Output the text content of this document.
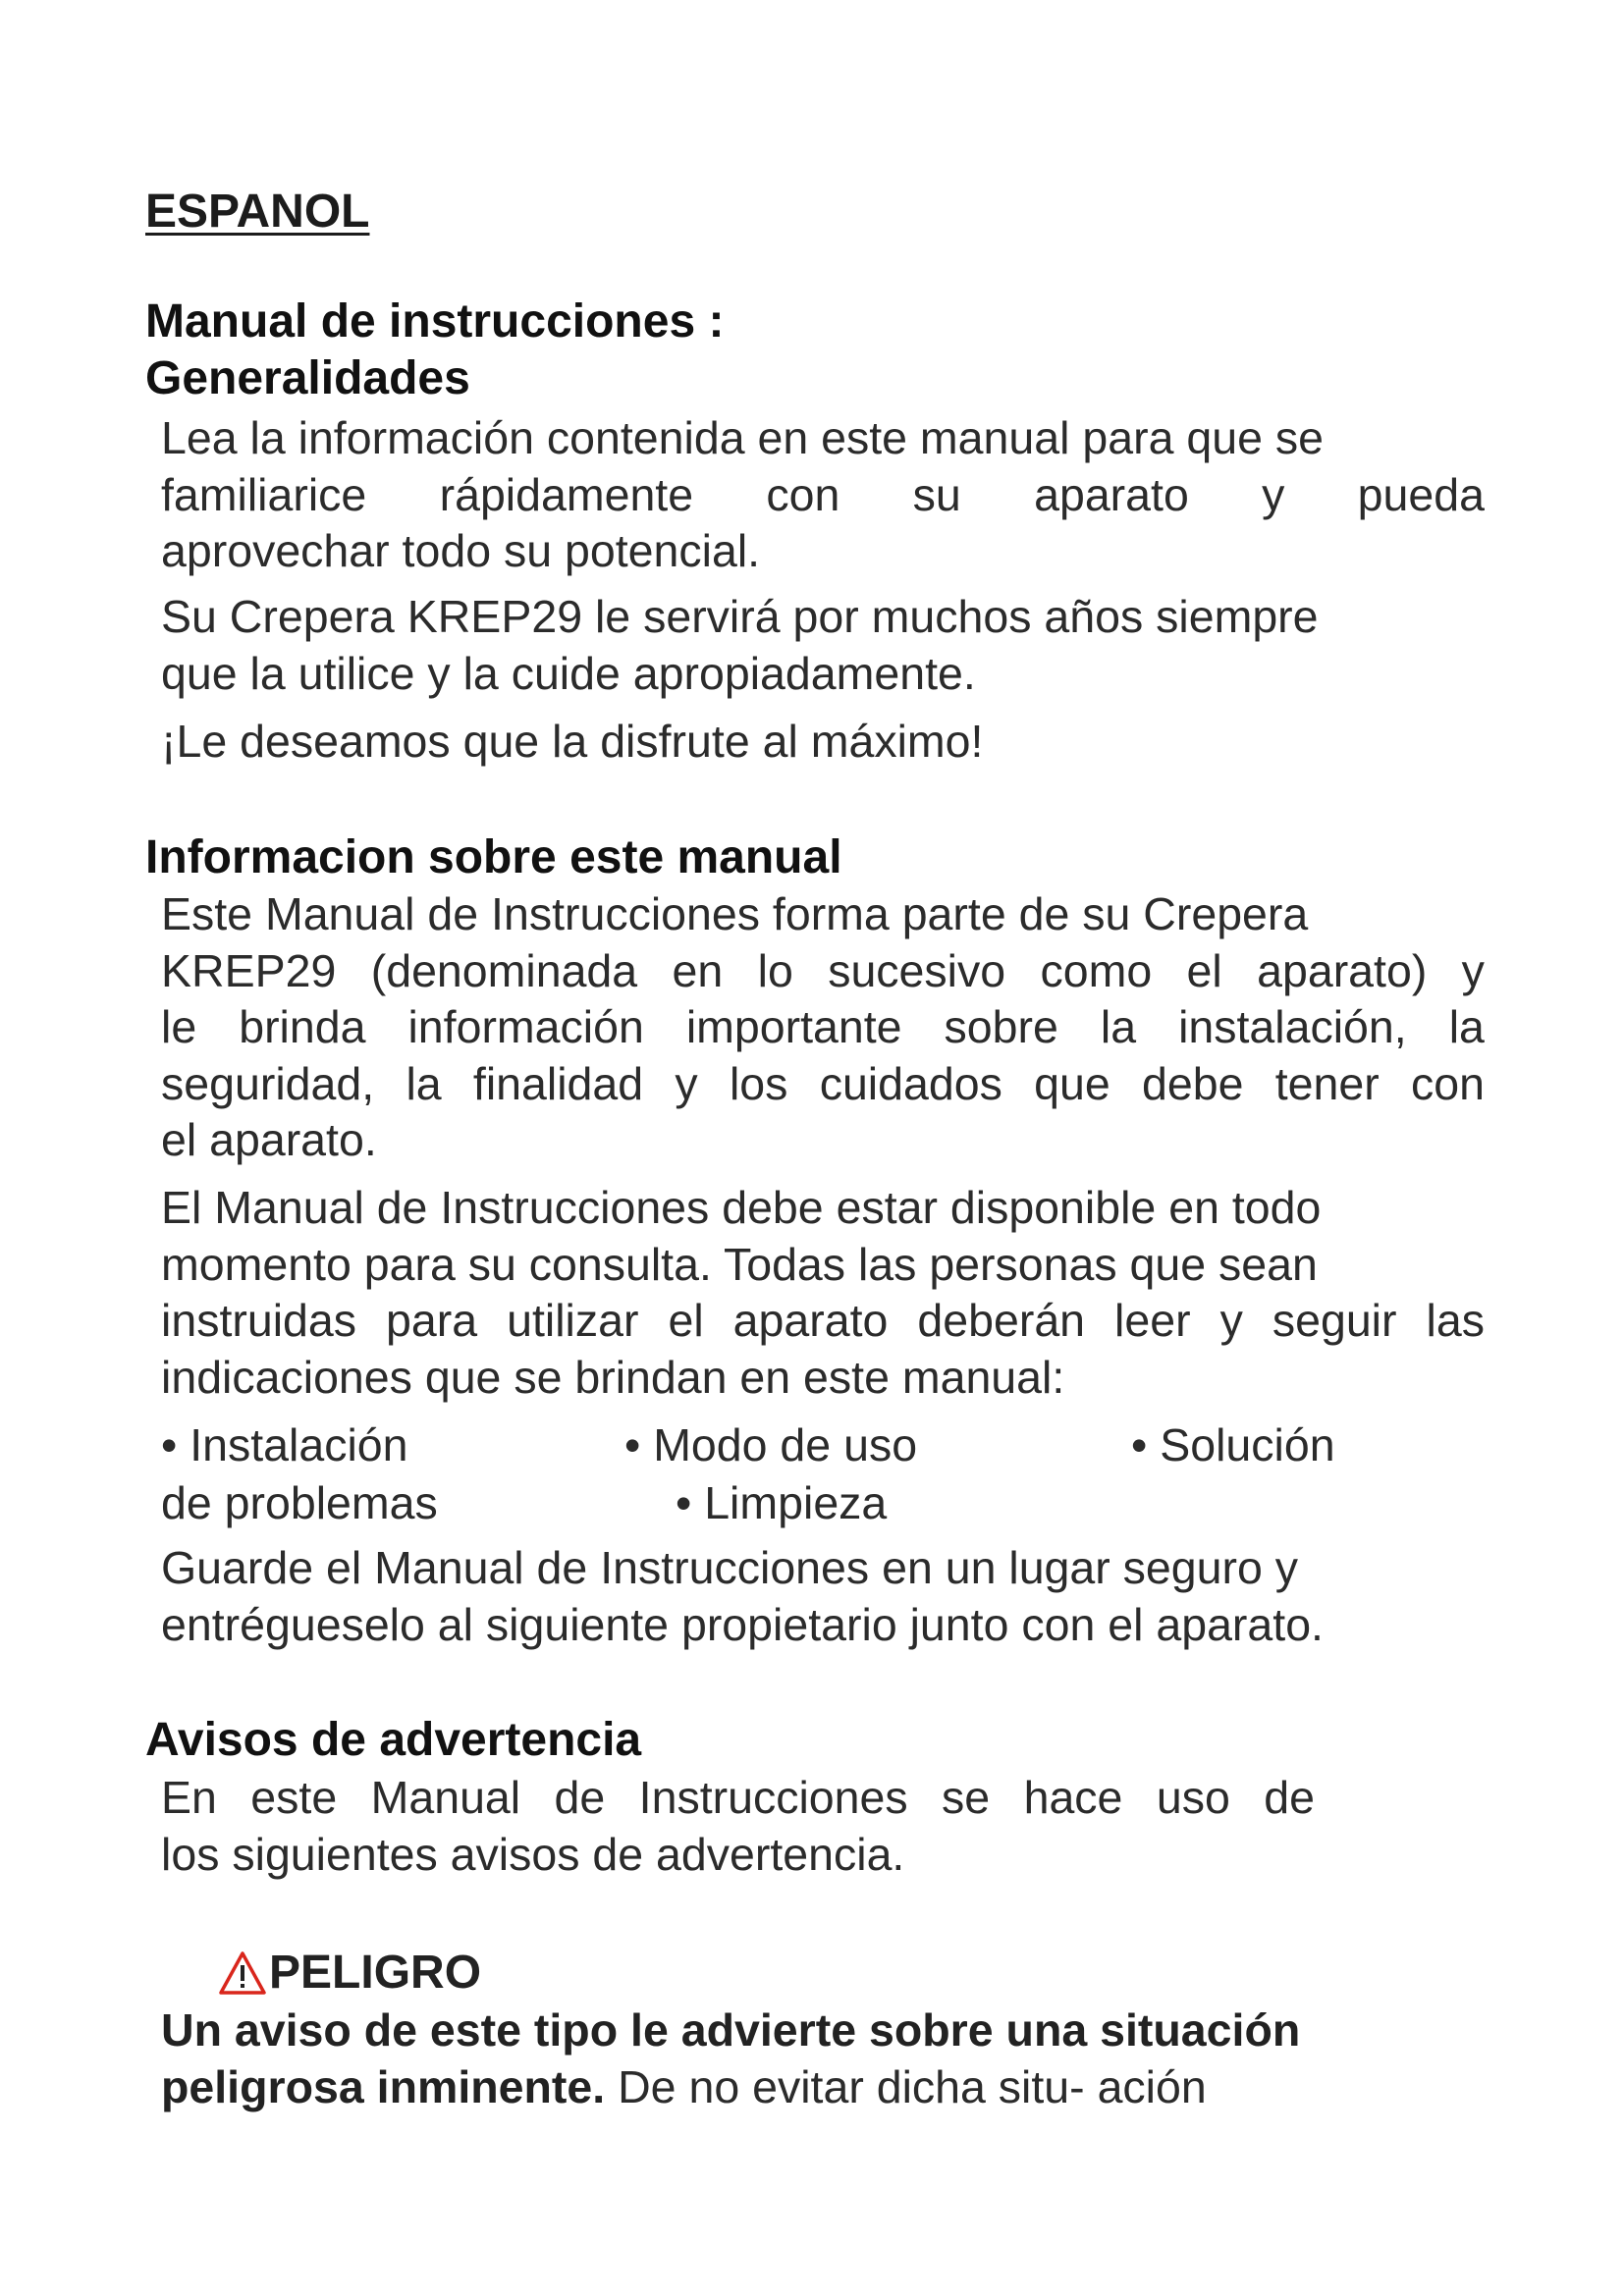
ESPANOL
Manual de instrucciones :
Generalidades
Lea la información contenida en este manual para que se
familiarice rápidamente con su aparato y pueda
aprovechar todo su potencial.
Su Crepera KREP29 le servirá por muchos años siempre
que la utilice y la cuide apropiadamente.
¡Le deseamos que la disfrute al máximo!
Informacion sobre este manual
Este Manual de Instrucciones forma parte de su Crepera
KREP29 (denominada en lo sucesivo como el aparato) y
le brinda información importante sobre la instalación, la
seguridad, la finalidad y los cuidados que debe tener con
el aparato.
El Manual de Instrucciones debe estar disponible en todo
momento para su consulta. Todas las personas que sean
instruidas para utilizar el aparato deberán leer y seguir las
indicaciones que se brindan en este manual:
• Instalación	• Modo de uso	• Solución
de problemas	• Limpieza
Guarde el Manual de Instrucciones en un lugar seguro y
entrégueselo al siguiente propietario junto con el aparato.
Avisos de advertencia
En este Manual de Instrucciones se hace uso de
los siguientes avisos de advertencia.
PELIGRO
Un aviso de este tipo le advierte sobre una situación
peligrosa inminente. De no evitar dicha situ- ación
